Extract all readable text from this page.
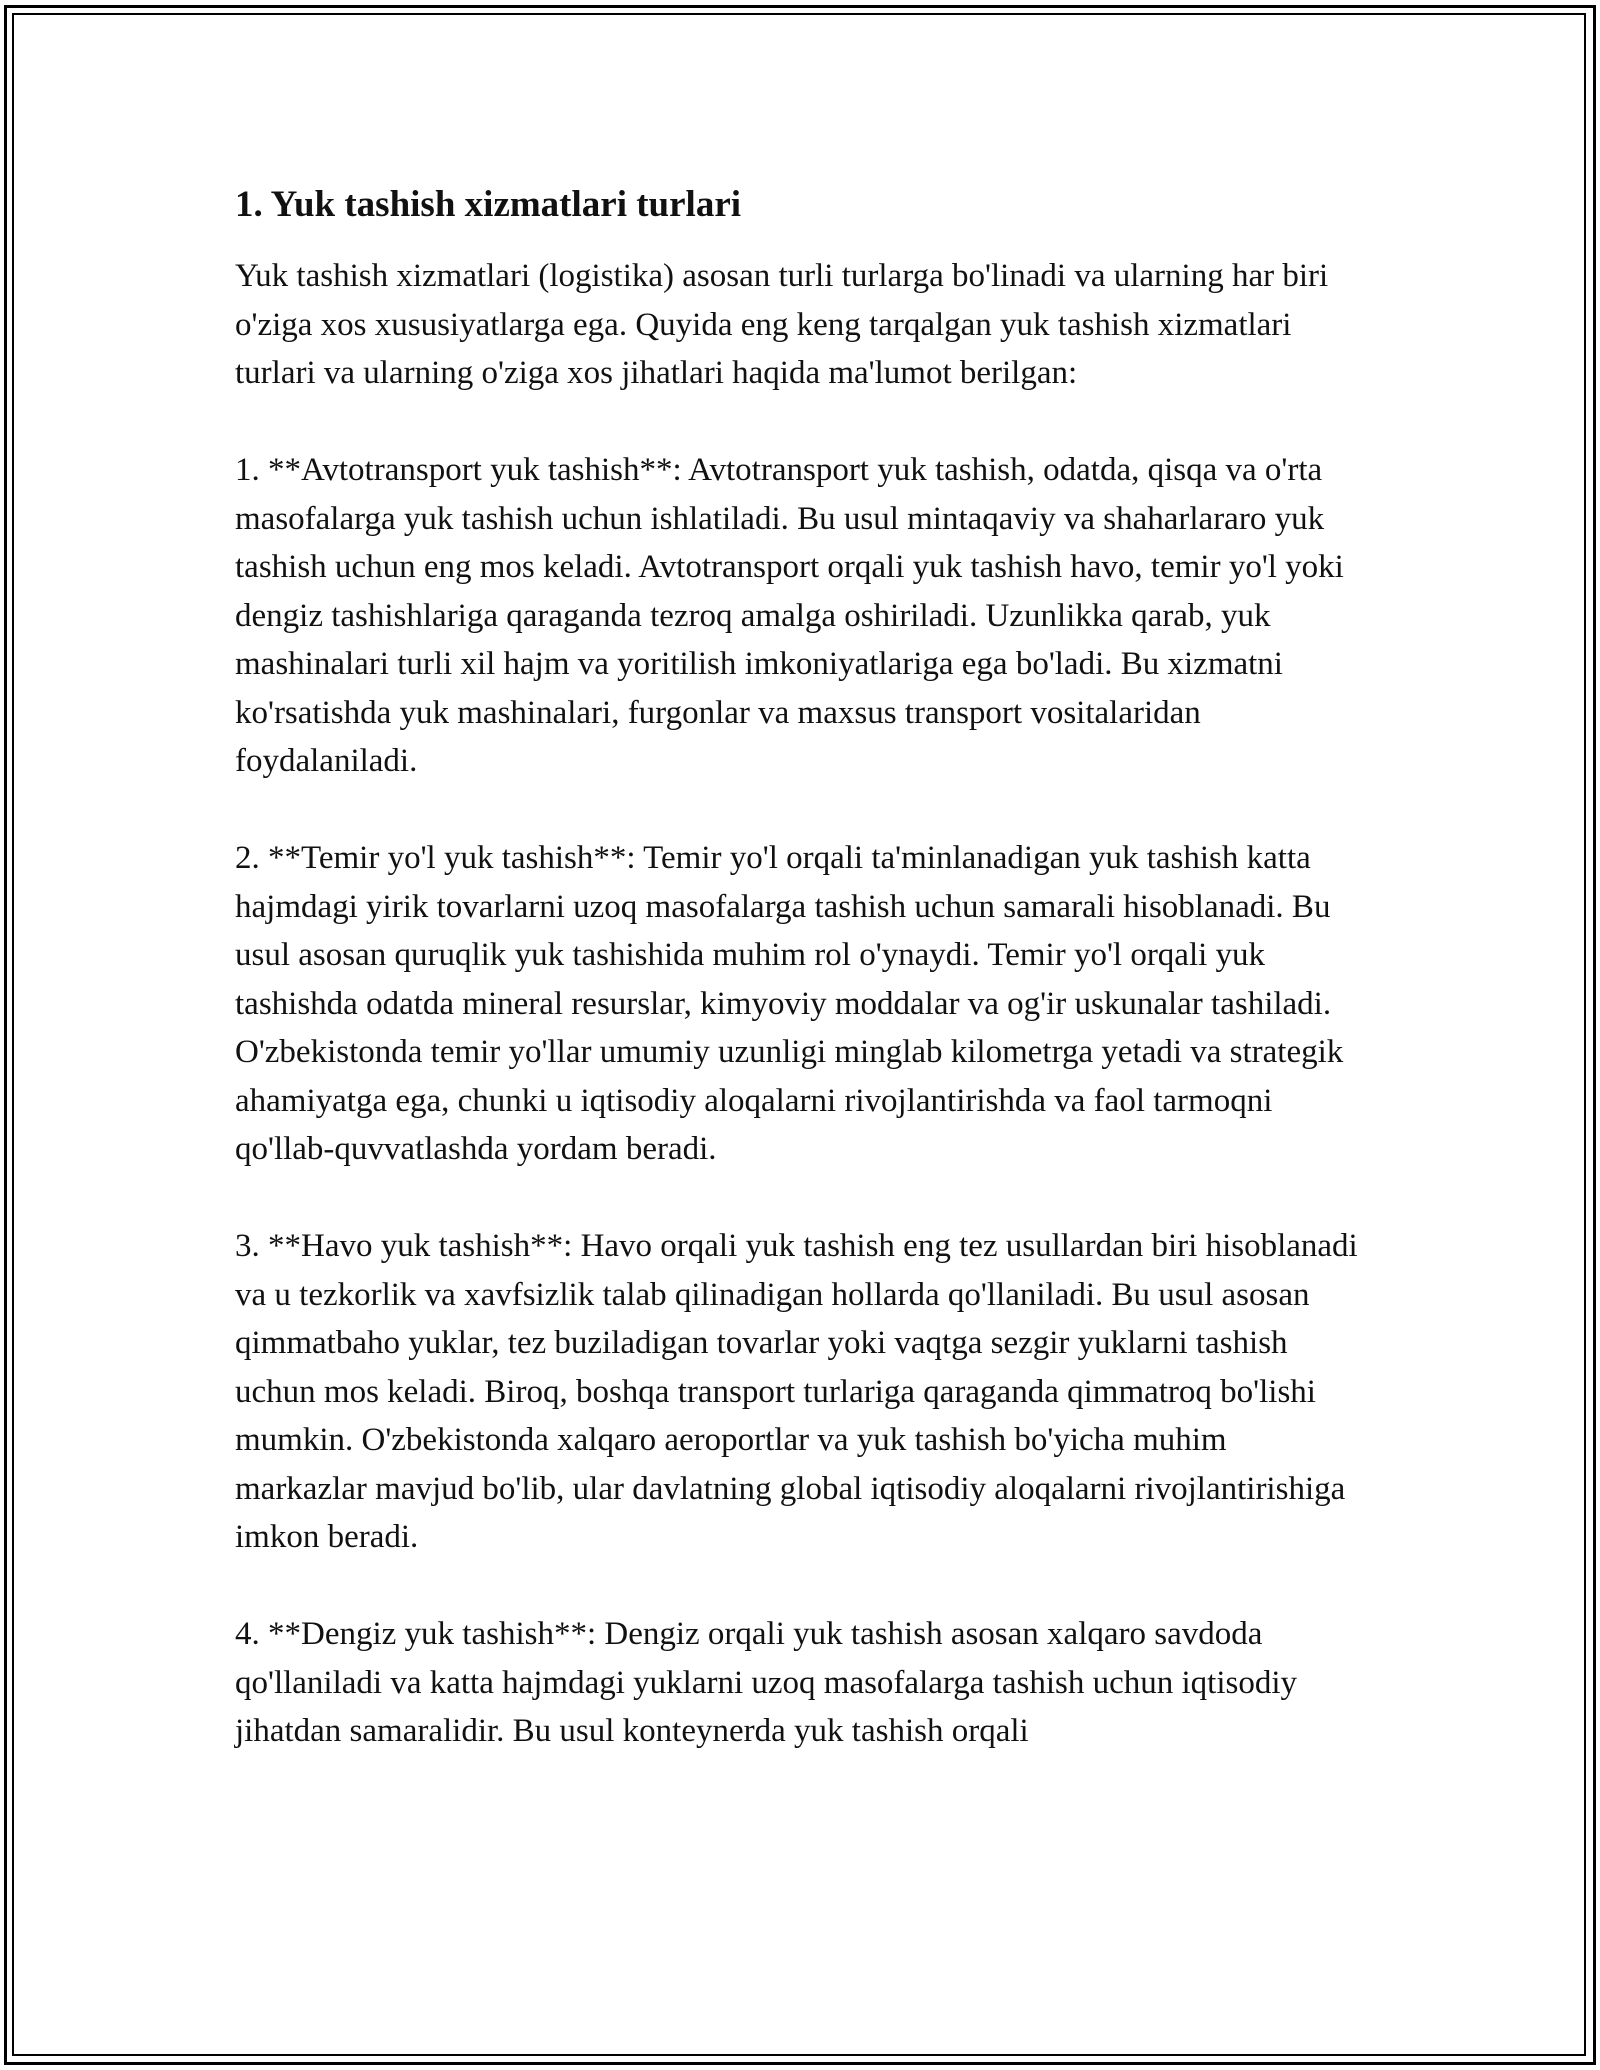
1. Yuk tashish xizmatlari turlari

Yuk tashish xizmatlari (logistika) asosan turli turlarga bo'linadi va ularning har biri o'ziga xos xususiyatlarga ega. Quyida eng keng tarqalgan yuk tashish xizmatlari turlari va ularning o'ziga xos jihatlari haqida ma'lumot berilgan:

1. **Avtotransport yuk tashish**: Avtotransport yuk tashish, odatda, qisqa va o'rta masofalarga yuk tashish uchun ishlatiladi. Bu usul mintaqaviy va shaharlararo yuk tashish uchun eng mos keladi. Avtotransport orqali yuk tashish havo, temir yo'l yoki dengiz tashishlariga qaraganda tezroq amalga oshiriladi. Uzunlikka qarab, yuk mashinalari turli xil hajm va yoritilish imkoniyatlariga ega bo'ladi. Bu xizmatni ko'rsatishda yuk mashinalari, furgonlar va maxsus transport vositalaridan foydalaniladi.

2. **Temir yo'l yuk tashish**: Temir yo'l orqali ta'minlanadigan yuk tashish katta hajmdagi yirik tovarlarni uzoq masofalarga tashish uchun samarali hisoblanadi. Bu usul asosan quruqlik yuk tashishida muhim rol o'ynaydi. Temir yo'l orqali yuk tashishda odatda mineral resurslar, kimyoviy moddalar va og'ir uskunalar tashiladi. O'zbekistonda temir yo'llar umumiy uzunligi minglab kilometrga yetadi va strategik ahamiyatga ega, chunki u iqtisodiy aloqalarni rivojlantirishda va faol tarmoqni qo'llab-quvvatlashda yordam beradi.

3. **Havo yuk tashish**: Havo orqali yuk tashish eng tez usullardan biri hisoblanadi va u tezkorlik va xavfsizlik talab qilinadigan hollarda qo'llaniladi. Bu usul asosan qimmatbaho yuklar, tez buziladigan tovarlar yoki vaqtga sezgir yuklarni tashish uchun mos keladi. Biroq, boshqa transport turlariga qaraganda qimmatroq bo'lishi mumkin. O'zbekistonda xalqaro aeroportlar va yuk tashish bo'yicha muhim markazlar mavjud bo'lib, ular davlatning global iqtisodiy aloqalarni rivojlantirishiga imkon beradi.

4. **Dengiz yuk tashish**: Dengiz orqali yuk tashish asosan xalqaro savdoda qo'llaniladi va katta hajmdagi yuklarni uzoq masofalarga tashish uchun iqtisodiy jihatdan samaralidir. Bu usul konteynerda yuk tashish orqali
